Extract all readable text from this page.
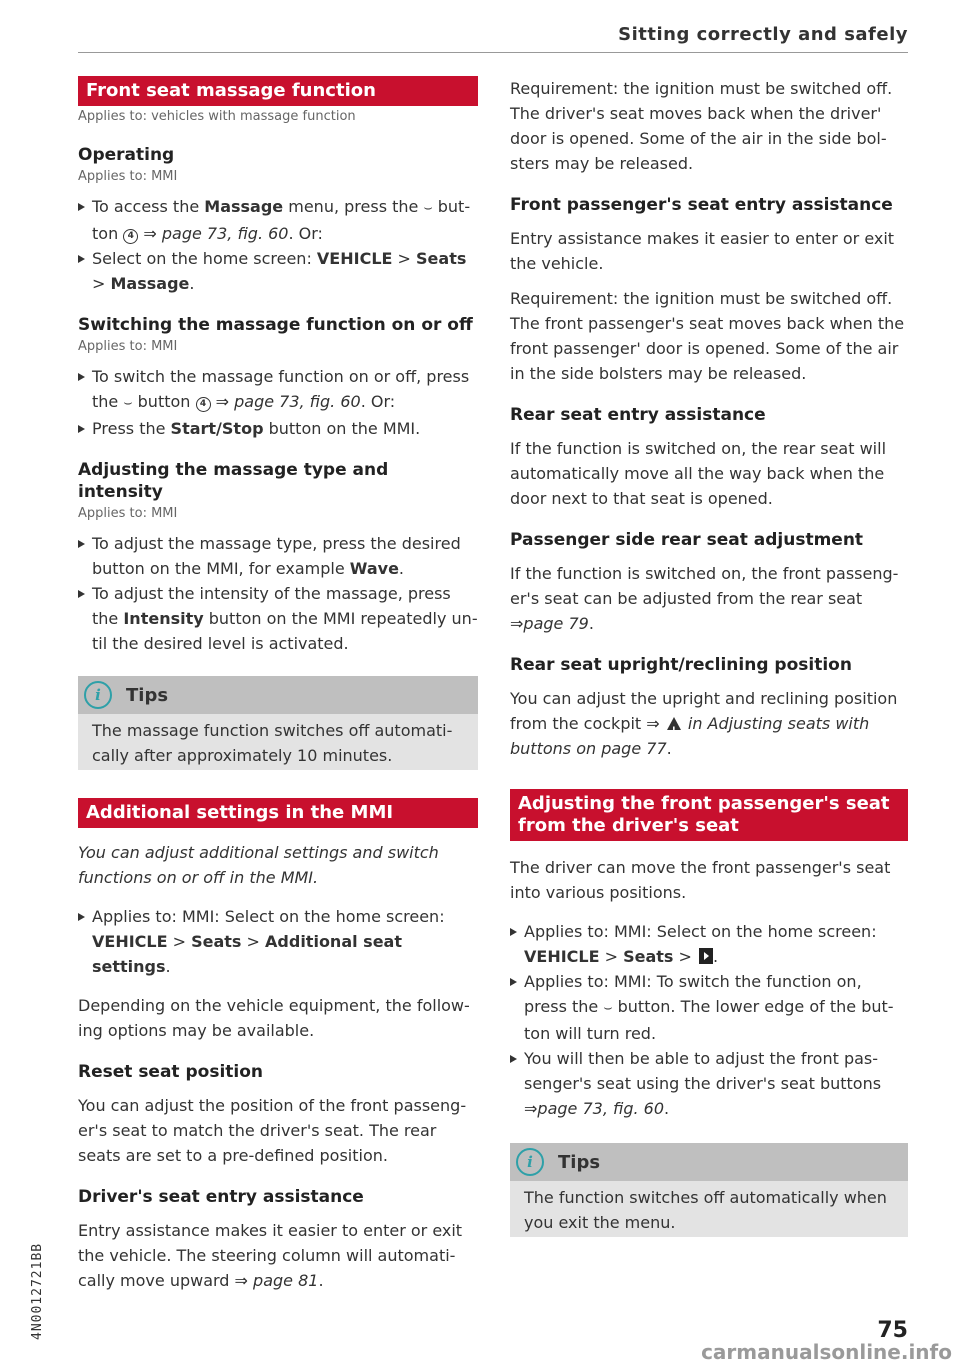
Sitting correctly and safely
Front seat massage function
Applies to: vehicles with massage function
Operating
Applies to: MMI
To access the Massage menu, press the ⌣ but-
ton 4 ⇒ page 73, fig. 60. Or:
Select on the home screen: VEHICLE > Seats > Massage.
Switching the massage function on or off
Applies to: MMI
To switch the massage function on or off, press the ⌣ button 4 ⇒ page 73, fig. 60. Or:
Press the Start/Stop button on the MMI.
Adjusting the massage type and intensity
Applies to: MMI
To adjust the massage type, press the desired button on the MMI, for example Wave.
To adjust the intensity of the massage, press the Intensity button on the MMI repeatedly un-til the desired level is activated.
i	Tips

The massage function switches off automati-cally after approximately 10 minutes.

Additional settings in the MMI

You can adjust additional settings and switch functions on or off in the MMI.

Applies to: MMI: Select on the home screen: VEHICLE > Seats > Additional seat settings.

Depending on the vehicle equipment, the follow-ing options may be available.

Reset seat position

You can adjust the position of the front passeng-er's seat to match the driver's seat. The rear seats are set to a pre-defined position.

Driver's seat entry assistance

Entry assistance makes it easier to enter or exit the vehicle. The steering column will automati-cally move upward ⇒ page 81.

Requirement: the ignition must be switched off. The driver's seat moves back when the driver' door is opened. Some of the air in the side bol-sters may be released.

Front passenger's seat entry assistance

Entry assistance makes it easier to enter or exit the vehicle.

Requirement: the ignition must be switched off. The front passenger's seat moves back when the front passenger' door is opened. Some of the air in the side bolsters may be released.

Rear seat entry assistance

If the function is switched on, the rear seat will automatically move all the way back when the door next to that seat is opened.

Passenger side rear seat adjustment

If the function is switched on, the front passeng-er's seat can be adjusted from the rear seat
⇒page 79.

Rear seat upright/reclining position

You can adjust the upright and reclining position from the cockpit ⇒ ! in Adjusting seats with buttons on page 77.

Adjusting the front passenger's seat from the driver's seat

The driver can move the front passenger's seat into various positions.

Applies to: MMI: Select on the home screen: VEHICLE > Seats > .
Applies to: MMI: To switch the function on, press the ⌣ button. The lower edge of the but-ton will turn red.
You will then be able to adjust the front pas-senger's seat using the driver's seat buttons
⇒page 73, fig. 60.
i	Tips

The function switches off automatically when you exit the menu.

4N0012721BB	75
carmanualsonline.info
